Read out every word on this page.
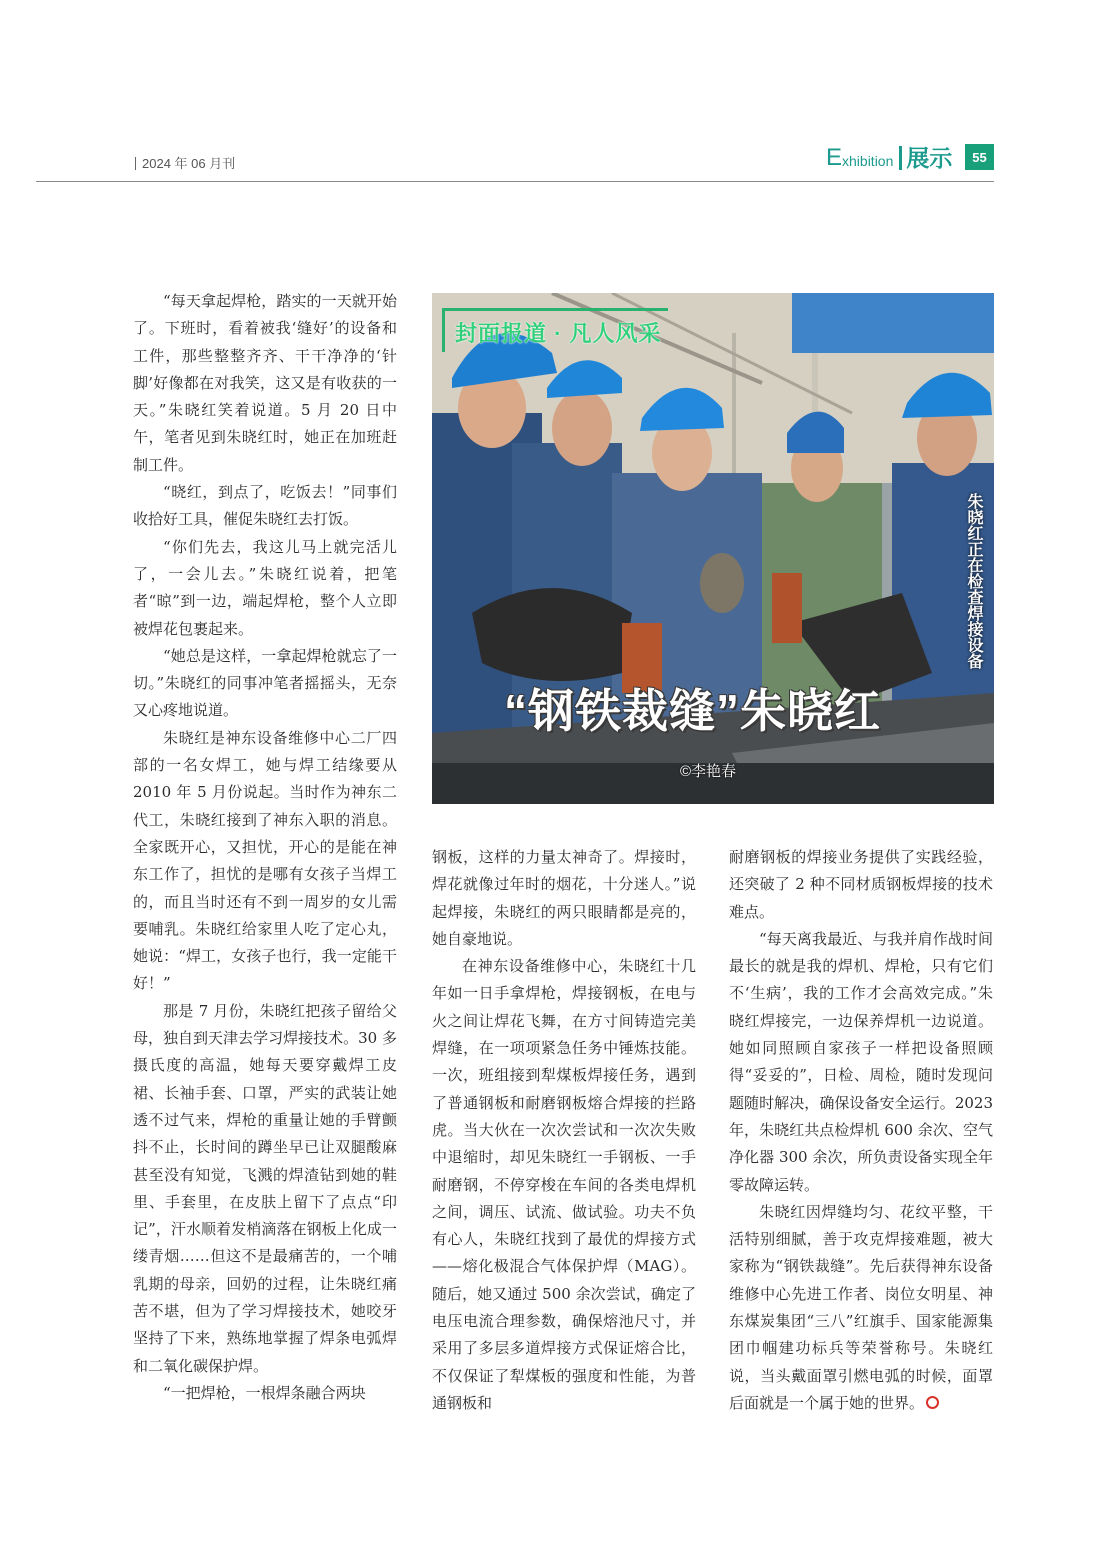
2024 年 06 月刊	E xhibition 展示	55

“每天拿起焊枪，踏实的一天就开始了。下班时，看着被我‘缝好’的设备和工件，那些整整齐齐、干干净净的‘针脚’好像都在对我笑，这又是有收获的一天。”朱晓红笑着说道。5 月 20 日中午，笔者见到朱晓红时，她正在加班赶制工件。

“晓红，到点了，吃饭去！”同事们收拾好工具，催促朱晓红去打饭。

“你们先去，我这儿马上就完活儿了，一会儿去。”朱晓红说着，把笔者“晾”到一边，端起焊枪，整个人立即被焊花包裹起来。

“她总是这样，一拿起焊枪就忘了一切。”朱晓红的同事冲笔者摇摇头，无奈又心疼地说道。

朱晓红是神东设备维修中心二厂四部的一名女焊工，她与焊工结缘要从 2010 年 5 月份说起。当时作为神东二代工，朱晓红接到了神东入职的消息。全家既开心，又担忧，开心的是能在神东工作了，担忧的是哪有女孩子当焊工的，而且当时还有不到一周岁的女儿需要哺乳。朱晓红给家里人吃了定心丸，她说：“焊工，女孩子也行，我一定能干好！”

那是 7 月份，朱晓红把孩子留给父母，独自到天津去学习焊接技术。30 多摄氏度的高温，她每天要穿戴焊工皮裙、长袖手套、口罩，严实的武装让她透不过气来，焊枪的重量让她的手臂颤抖不止，长时间的蹲坐早已让双腿酸麻甚至没有知觉，飞溅的焊渣钻到她的鞋里、手套里，在皮肤上留下了点点“印记”，汗水顺着发梢滴落在钢板上化成一缕青烟……但这不是最痛苦的，一个哺乳期的母亲，回奶的过程，让朱晓红痛苦不堪，但为了学习焊接技术，她咬牙坚持了下来，熟练地掌握了焊条电弧焊和二氧化碳保护焊。

“一把焊枪，一根焊条融合两块

封面报道 · 凡人风采
朱晓红正在检查焊接设备
“钢铁裁缝”朱晓红
©李艳春

钢板，这样的力量太神奇了。焊接时，焊花就像过年时的烟花，十分迷人。”说起焊接，朱晓红的两只眼睛都是亮的，她自豪地说。

在神东设备维修中心，朱晓红十几年如一日手拿焊枪，焊接钢板，在电与火之间让焊花飞舞，在方寸间铸造完美焊缝，在一项项紧急任务中锤炼技能。一次，班组接到犁煤板焊接任务，遇到了普通钢板和耐磨钢板熔合焊接的拦路虎。当大伙在一次次尝试和一次次失败中退缩时，却见朱晓红一手钢板、一手耐磨钢，不停穿梭在车间的各类电焊机之间，调压、试流、做试验。功夫不负有心人，朱晓红找到了最优的焊接方式——熔化极混合气体保护焊（MAG）。随后，她又通过 500 余次尝试，确定了电压电流合理参数，确保熔池尺寸，并采用了多层多道焊接方式保证熔合比，不仅保证了犁煤板的强度和性能，为普通钢板和

耐磨钢板的焊接业务提供了实践经验，还突破了 2 种不同材质钢板焊接的技术难点。

“每天离我最近、与我并肩作战时间最长的就是我的焊机、焊枪，只有它们不‘生病’，我的工作才会高效完成。”朱晓红焊接完，一边保养焊机一边说道。她如同照顾自家孩子一样把设备照顾得“妥妥的”，日检、周检，随时发现问题随时解决，确保设备安全运行。2023 年，朱晓红共点检焊机 600 余次、空气净化器 300 余次，所负责设备实现全年零故障运转。

朱晓红因焊缝均匀、花纹平整，干活特别细腻，善于攻克焊接难题，被大家称为“钢铁裁缝”。先后获得神东设备维修中心先进工作者、岗位女明星、神东煤炭集团“三八”红旗手、国家能源集团巾帼建功标兵等荣誉称号。朱晓红说，当头戴面罩引燃电弧的时候，面罩后面就是一个属于她的世界。
